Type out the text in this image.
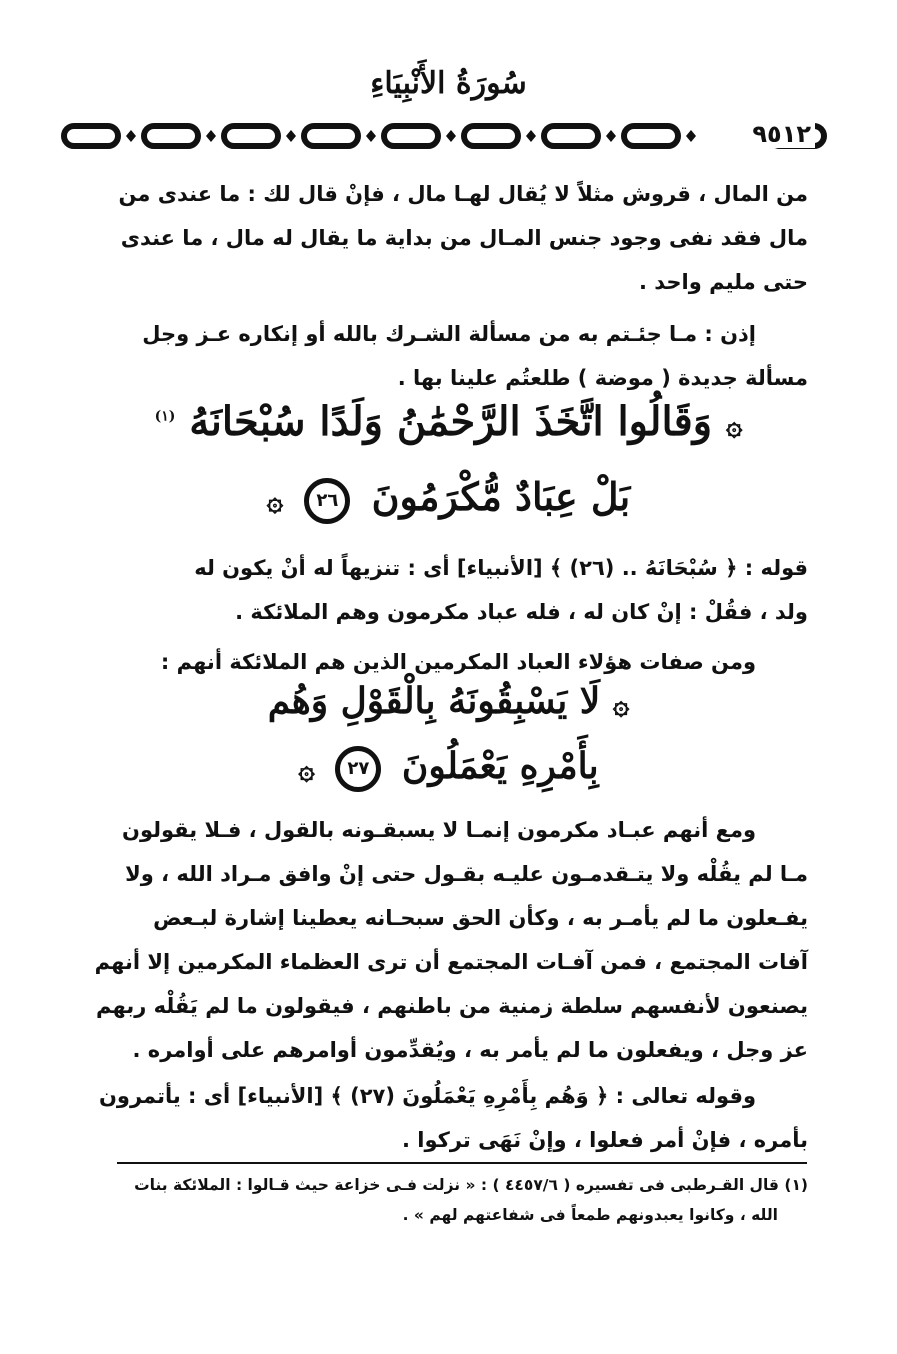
سُورَةُ الأَنْبِيَاءِ
٩٥١٢
من المال ، قروش مثلاً لا يُقال لهـا مال ، فإنْ قال لك : ما عندى من
مال فقد نفى وجود جنس المـال من بداية ما يقال له مال ، ما عندى
حتى مليم واحد .
إذن : مـا جئـتم به من مسألة الشـرك بالله أو إنكاره عـز وجل
مسألة جديدة ( موضة ) طلعتُم علينا بها .
۞ وَقَالُوا اتَّخَذَ الرَّحْمَٰنُ وَلَدًا سُبْحَانَهُ $^{(١)}$
بَلْ عِبَادٌ مُّكْرَمُونَ ٢٦ ۞
قوله : ﴿ سُبْحَانَهُ .. (٢٦) ﴾ [الأنبياء] أى : تنزيهاً له أنْ يكون له
ولد ، فقُلْ : إنْ كان له ، فله عباد مكرمون وهم الملائكة .
ومن صفات هؤلاء العباد المكرمين الذين هم الملائكة أنهم :
۞ لَا يَسْبِقُونَهُ بِالْقَوْلِ وَهُم
بِأَمْرِهِ يَعْمَلُونَ ٢٧ ۞
ومع أنهم عبـاد مكرمون إنمـا لا يسبقـونه بالقول ، فـلا يقولون
مـا لم يقُلْه ولا يتـقدمـون عليـه بقـول حتى إنْ وافق مـراد الله ، ولا
يفـعلون ما لم يأمـر به ، وكأن الحق سبحـانه يعطينا إشارة لبـعض
آفات المجتمع ، فمن آفـات المجتمع أن ترى العظماء المكرمين إلا أنهم
يصنعون لأنفسهم سلطة زمنية من باطنهم ، فيقولون ما لم يَقُلْه ربهم
عز وجل ، ويفعلون ما لم يأمر به ، ويُقدِّمون أوامرهم على أوامره .
وقوله تعالى : ﴿ وَهُم بِأَمْرِهِ يَعْمَلُونَ (٢٧) ﴾ [الأنبياء] أى : يأتمرون
بأمره ، فإنْ أمر فعلوا ، وإنْ نَهَى تركوا .
(١) قال القـرطبى فى تفسيره ( ٤٤٥٧/٦ ) : « نزلت فـى خزاعة حيث قـالوا : الملائكة بنات
الله ، وكانوا يعبدونهم طمعاً فى شفاعتهم لهم » .
